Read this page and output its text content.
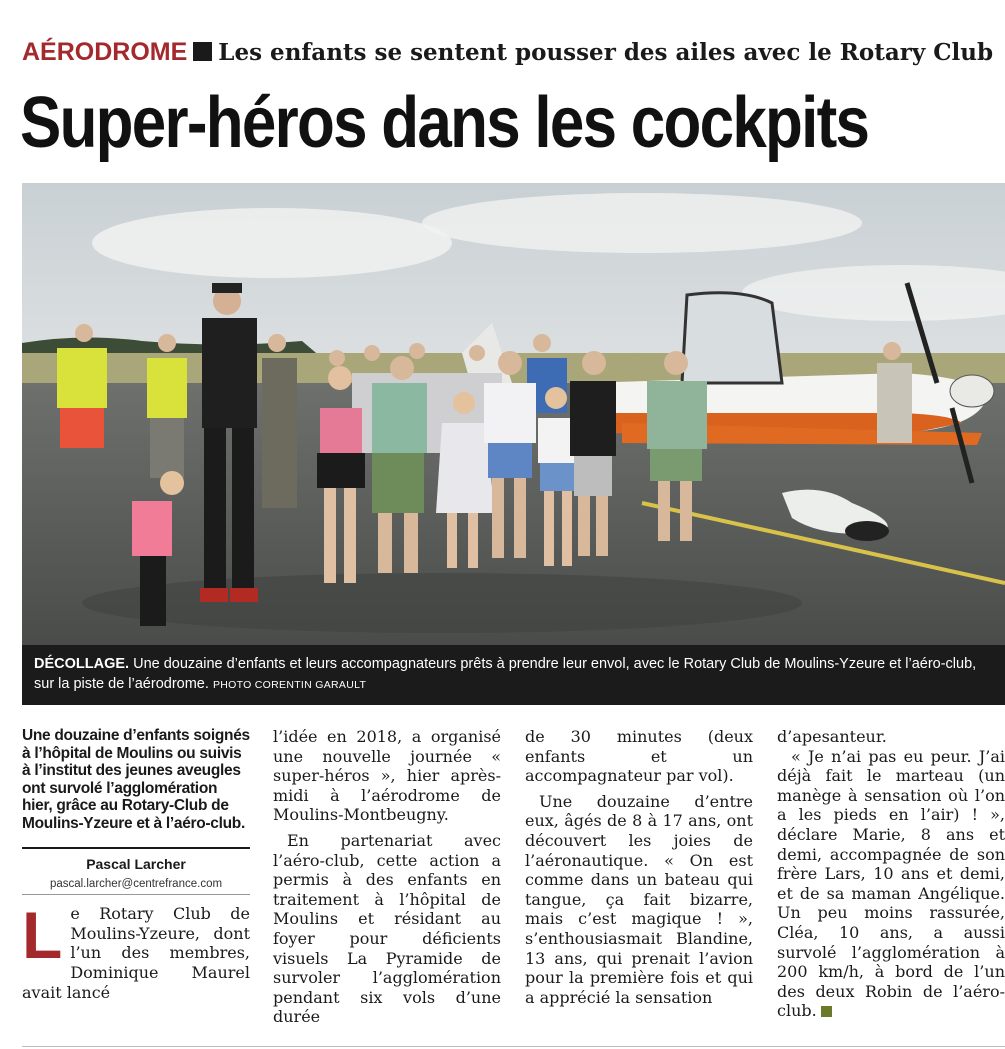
AÉRODROME Les enfants se sentent pousser des ailes avec le Rotary Club
Super-héros dans les cockpits
DÉCOLLAGE. Une douzaine d’enfants et leurs accompagnateurs prêts à prendre leur envol, avec le Rotary Club de Moulins-Yzeure et l’aéro-club, sur la piste de l’aérodrome. PHOTO CORENTIN GARAULT

Une douzaine d’enfants soignés à l’hôpital de Moulins ou suivis à l’institut des jeunes aveugles ont survolé l’agglomération hier, grâce au Rotary-Club de Moulins-Yzeure et à l’aéro-club.

Pascal Larcher

pascal.larcher@centrefrance.com

Le Rotary Club de Moulins-Yzeure, dont l’un des membres, Dominique Maurel avait lancé

l’idée en 2018, a organisé une nouvelle journée « super-héros », hier après-midi à l’aérodrome de Moulins-Montbeugny.

En partenariat avec l’aéro-club, cette action a permis à des enfants en traitement à l’hôpital de Moulins et résidant au foyer pour déficients visuels La Pyramide de survoler l’agglomération pendant six vols d’une durée

de 30 minutes (deux enfants et un accompagnateur par vol).

Une douzaine d’entre eux, âgés de 8 à 17 ans, ont découvert les joies de l’aéronautique. « On est comme dans un bateau qui tangue, ça fait bizarre, mais c’est magique ! », s’enthousiasmait Blandine, 13 ans, qui prenait l’avion pour la première fois et qui a apprécié la sensation

d’apesanteur.

« Je n’ai pas eu peur. J’ai déjà fait le marteau (un manège à sensation où l’on a les pieds en l’air) ! », déclare Marie, 8 ans et demi, accompagnée de son frère Lars, 10 ans et demi, et de sa maman Angélique. Un peu moins rassurée, Cléa, 10 ans, a aussi survolé l’agglomération à 200 km/h, à bord de l’un des deux Robin de l’aéro-club.
